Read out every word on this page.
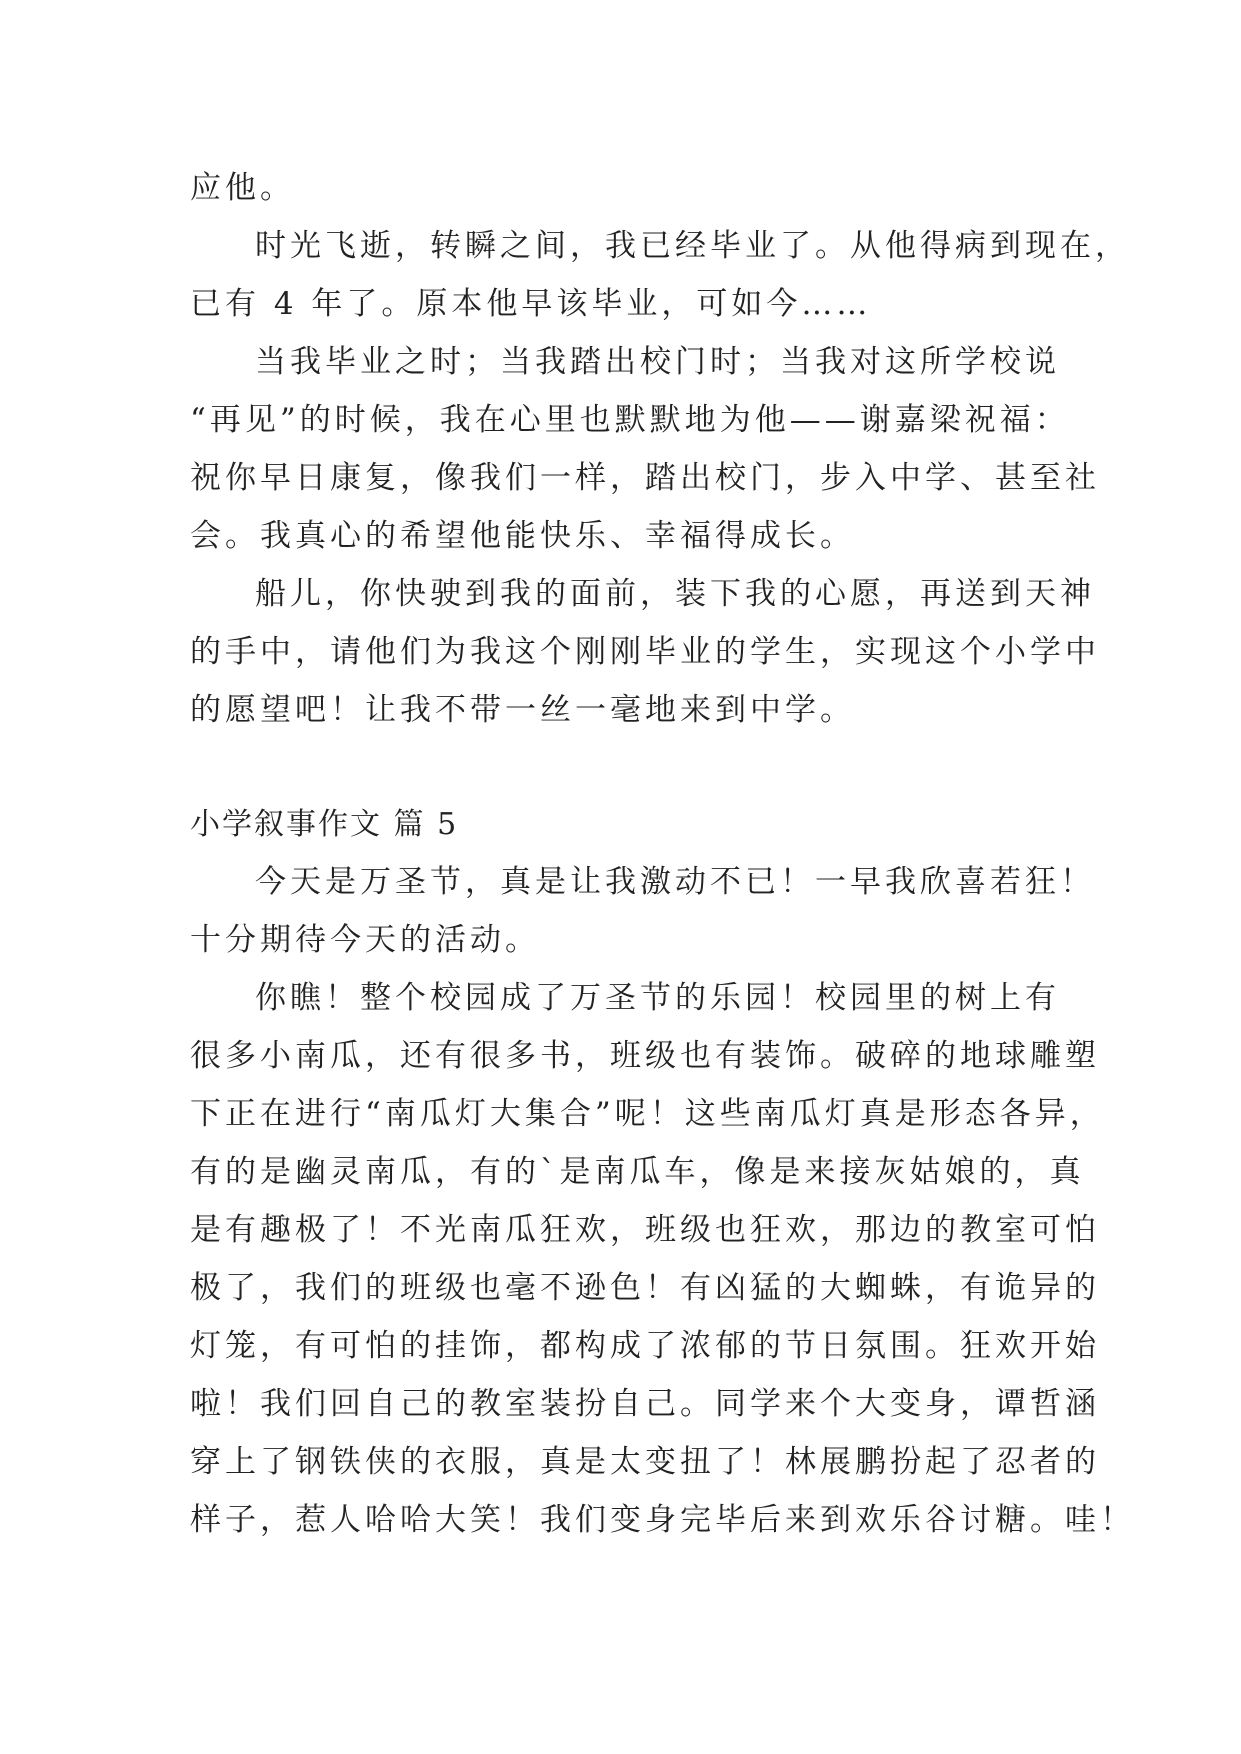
应他。
时光飞逝，转瞬之间，我已经毕业了。从他得病到现在，
已有 4 年了。原本他早该毕业，可如今……
当我毕业之时；当我踏出校门时；当我对这所学校说
“再见”的时候，我在心里也默默地为他——谢嘉梁祝福：
祝你早日康复，像我们一样，踏出校门，步入中学、甚至社
会。我真心的希望他能快乐、幸福得成长。
船儿，你快驶到我的面前，装下我的心愿，再送到天神
的手中，请他们为我这个刚刚毕业的学生，实现这个小学中
的愿望吧！让我不带一丝一毫地来到中学。
小学叙事作文 篇 5
今天是万圣节，真是让我激动不已！一早我欣喜若狂！
十分期待今天的活动。
你瞧！整个校园成了万圣节的乐园！校园里的树上有
很多小南瓜，还有很多书，班级也有装饰。破碎的地球雕塑
下正在进行“南瓜灯大集合”呢！这些南瓜灯真是形态各异，
有的是幽灵南瓜，有的`是南瓜车，像是来接灰姑娘的，真
是有趣极了！不光南瓜狂欢，班级也狂欢，那边的教室可怕
极了，我们的班级也毫不逊色！有凶猛的大蜘蛛，有诡异的
灯笼，有可怕的挂饰，都构成了浓郁的节日氛围。狂欢开始
啦！我们回自己的教室装扮自己。同学来个大变身，谭哲涵
穿上了钢铁侠的衣服，真是太变扭了！林展鹏扮起了忍者的
样子，惹人哈哈大笑！我们变身完毕后来到欢乐谷讨糖。哇！
